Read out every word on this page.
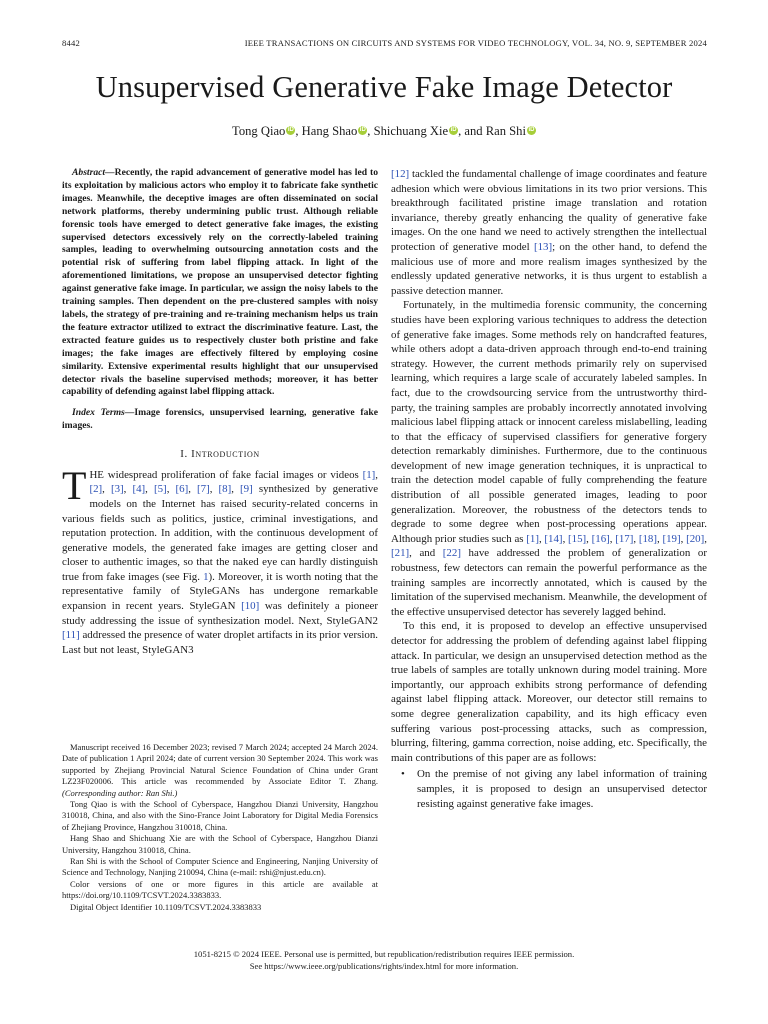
8442	IEEE TRANSACTIONS ON CIRCUITS AND SYSTEMS FOR VIDEO TECHNOLOGY, VOL. 34, NO. 9, SEPTEMBER 2024
Unsupervised Generative Fake Image Detector
Tong Qiao iD , Hang Shao iD , Shichuang Xie iD , and Ran Shi iD

Abstract—Recently, the rapid advancement of generative model has led to its exploitation by malicious actors who employ it to fabricate fake synthetic images. Meanwhile, the deceptive images are often disseminated on social network platforms, thereby undermining public trust. Although reliable forensic tools have emerged to detect generative fake images, the existing supervised detectors excessively rely on the correctly-labeled training samples, leading to overwhelming outsourcing annotation costs and the potential risk of suffering from label flipping attack. In light of the aforementioned limitations, we propose an unsupervised detector fighting against generative fake image. In particular, we assign the noisy labels to the training samples. Then dependent on the pre-clustered samples with noisy labels, the strategy of pre-training and re-training mechanism helps us train the feature extractor utilized to extract the discriminative feature. Last, the extracted feature guides us to respectively cluster both pristine and fake images; the fake images are effectively filtered by employing cosine similarity. Extensive experimental results highlight that our unsupervised detector rivals the baseline supervised methods; moreover, it has better capability of defending against label flipping attack.

Index Terms—Image forensics, unsupervised learning, generative fake images.

I. Introduction

THE widespread proliferation of fake facial images or videos [1], [2], [3], [4], [5], [6], [7], [8], [9] synthesized by generative models on the Internet has raised security-related concerns in various fields such as politics, justice, criminal investigations, and reputation protection. In addition, with the continuous development of generative models, the generated fake images are getting closer and closer to authentic images, so that the naked eye can hardly distinguish true from fake images (see Fig. 1). Moreover, it is worth noting that the representative family of StyleGANs has undergone remarkable expansion in recent years. StyleGAN [10] was definitely a pioneer study addressing the issue of synthesization model. Next, StyleGAN2 [11] addressed the presence of water droplet artifacts in its prior version. Last but not least, StyleGAN3

Manuscript received 16 December 2023; revised 7 March 2024; accepted 24 March 2024. Date of publication 1 April 2024; date of current version 30 September 2024. This work was supported by Zhejiang Provincial Natural Science Foundation of China under Grant LZ23F020006. This article was recommended by Associate Editor T. Zhang. (Corresponding author: Ran Shi.)

Tong Qiao is with the School of Cyberspace, Hangzhou Dianzi University, Hangzhou 310018, China, and also with the Sino-France Joint Laboratory for Digital Media Forensics of Zhejiang Province, Hangzhou 310018, China.

Hang Shao and Shichuang Xie are with the School of Cyberspace, Hangzhou Dianzi University, Hangzhou 310018, China.

Ran Shi is with the School of Computer Science and Engineering, Nanjing University of Science and Technology, Nanjing 210094, China (e-mail: rshi@njust.edu.cn).

Color versions of one or more figures in this article are available at https://doi.org/10.1109/TCSVT.2024.3383833.

Digital Object Identifier 10.1109/TCSVT.2024.3383833

[12] tackled the fundamental challenge of image coordinates and feature adhesion which were obvious limitations in its two prior versions. This breakthrough facilitated pristine image translation and rotation invariance, thereby greatly enhancing the quality of generative fake images. On the one hand we need to actively strengthen the intellectual protection of generative model [13]; on the other hand, to defend the malicious use of more and more realism images synthesized by the endlessly updated generative networks, it is thus urgent to establish a passive detection manner.

Fortunately, in the multimedia forensic community, the concerning studies have been exploring various techniques to address the detection of generative fake images. Some methods rely on handcrafted features, while others adopt a data-driven approach through end-to-end training strategy. However, the current methods primarily rely on supervised learning, which requires a large scale of accurately labeled samples. In fact, due to the crowdsourcing service from the untrustworthy third-party, the training samples are probably incorrectly annotated involving malicious label flipping attack or innocent careless mislabelling, leading to that the efficacy of supervised classifiers for generative forgery detection remarkably diminishes. Furthermore, due to the continuous development of new image generation techniques, it is unpractical to train the detection model capable of fully comprehending the feature distribution of all possible generated images, leading to poor generalization. Moreover, the robustness of the detectors tends to degrade to some degree when post-processing operations appear. Although prior studies such as [1], [14], [15], [16], [17], [18], [19], [20], [21], and [22] have addressed the problem of generalization or robustness, few detectors can remain the powerful performance as the training samples are incorrectly annotated, which is caused by the limitation of the supervised mechanism. Meanwhile, the development of the effective unsupervised detector has severely lagged behind.

To this end, it is proposed to develop an effective unsupervised detector for addressing the problem of defending against label flipping attack. In particular, we design an unsupervised detection method as the true labels of samples are totally unknown during model training. More importantly, our approach exhibits strong performance of defending against label flipping attack. Moreover, our detector still remains to some degree generalization capability, and its high efficacy even suffering various post-processing attacks, such as compression, blurring, filtering, gamma correction, noise adding, etc. Specifically, the main contributions of this paper are as follows:

• On the premise of not giving any label information of training samples, it is proposed to design an unsupervised detector resisting against generative fake images.
1051-8215 © 2024 IEEE. Personal use is permitted, but republication/redistribution requires IEEE permission.
See https://www.ieee.org/publications/rights/index.html for more information.
